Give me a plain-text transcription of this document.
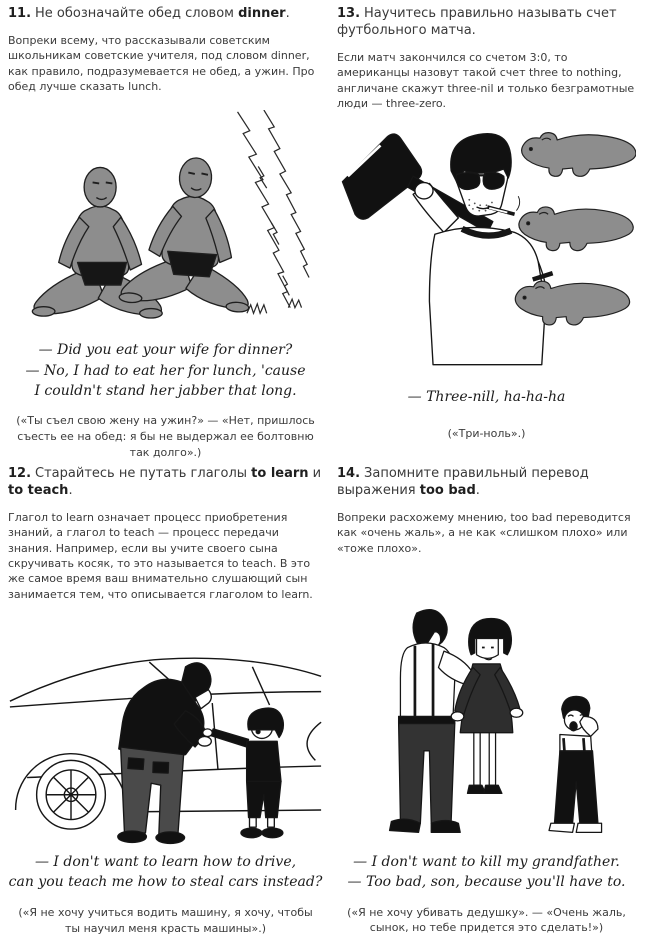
11. Не обозначайте обед словом dinner.
Вопреки всему, что рассказывали советским школьникам советские учителя, под словом dinner, как правило, подразумевается не обед, а ужин. Про обед лучше сказать lunch.
— Did you eat your wife for dinner?
— No, I had to eat her for lunch, 'cause
I couldn't stand her jabber that long.
(«Ты съел свою жену на ужин?» — «Нет, пришлось съесть ее на обед: я бы не выдержал ее болтовню так долго».)
13. Научитесь правильно называть счет футбольного матча.
Если матч закончился со счетом 3:0, то американцы назовут такой счет three to nothing, англичане скажут three-nil и только безграмотные люди — three-zero.
— Three-nill, ha-ha-ha
(«Три-ноль».)
12. Старайтесь не путать глаголы to learn и to teach.
Глагол to learn означает процесс приобретения знаний, а глагол to teach — процесс передачи знания. Например, если вы учите своего сына скручивать косяк, то это называется to teach. В это же самое время ваш внимательно слушающий сын занимается тем, что описывается глаголом to learn.
— I don't want to learn how to drive,
can you teach me how to steal cars instead?
(«Я не хочу учиться водить машину, я хочу, чтобы ты научил меня красть машины».)
14. Запомните правильный перевод выражения too bad.
Вопреки расхожему мнению, too bad переводится как «очень жаль», а не как «слишком плохо» или «тоже плохо».
— I don't want to kill my grandfather.
— Too bad, son, because you'll have to.
(«Я не хочу убивать дедушку». — «Очень жаль, сынок, но тебе придется это сделать!»)
